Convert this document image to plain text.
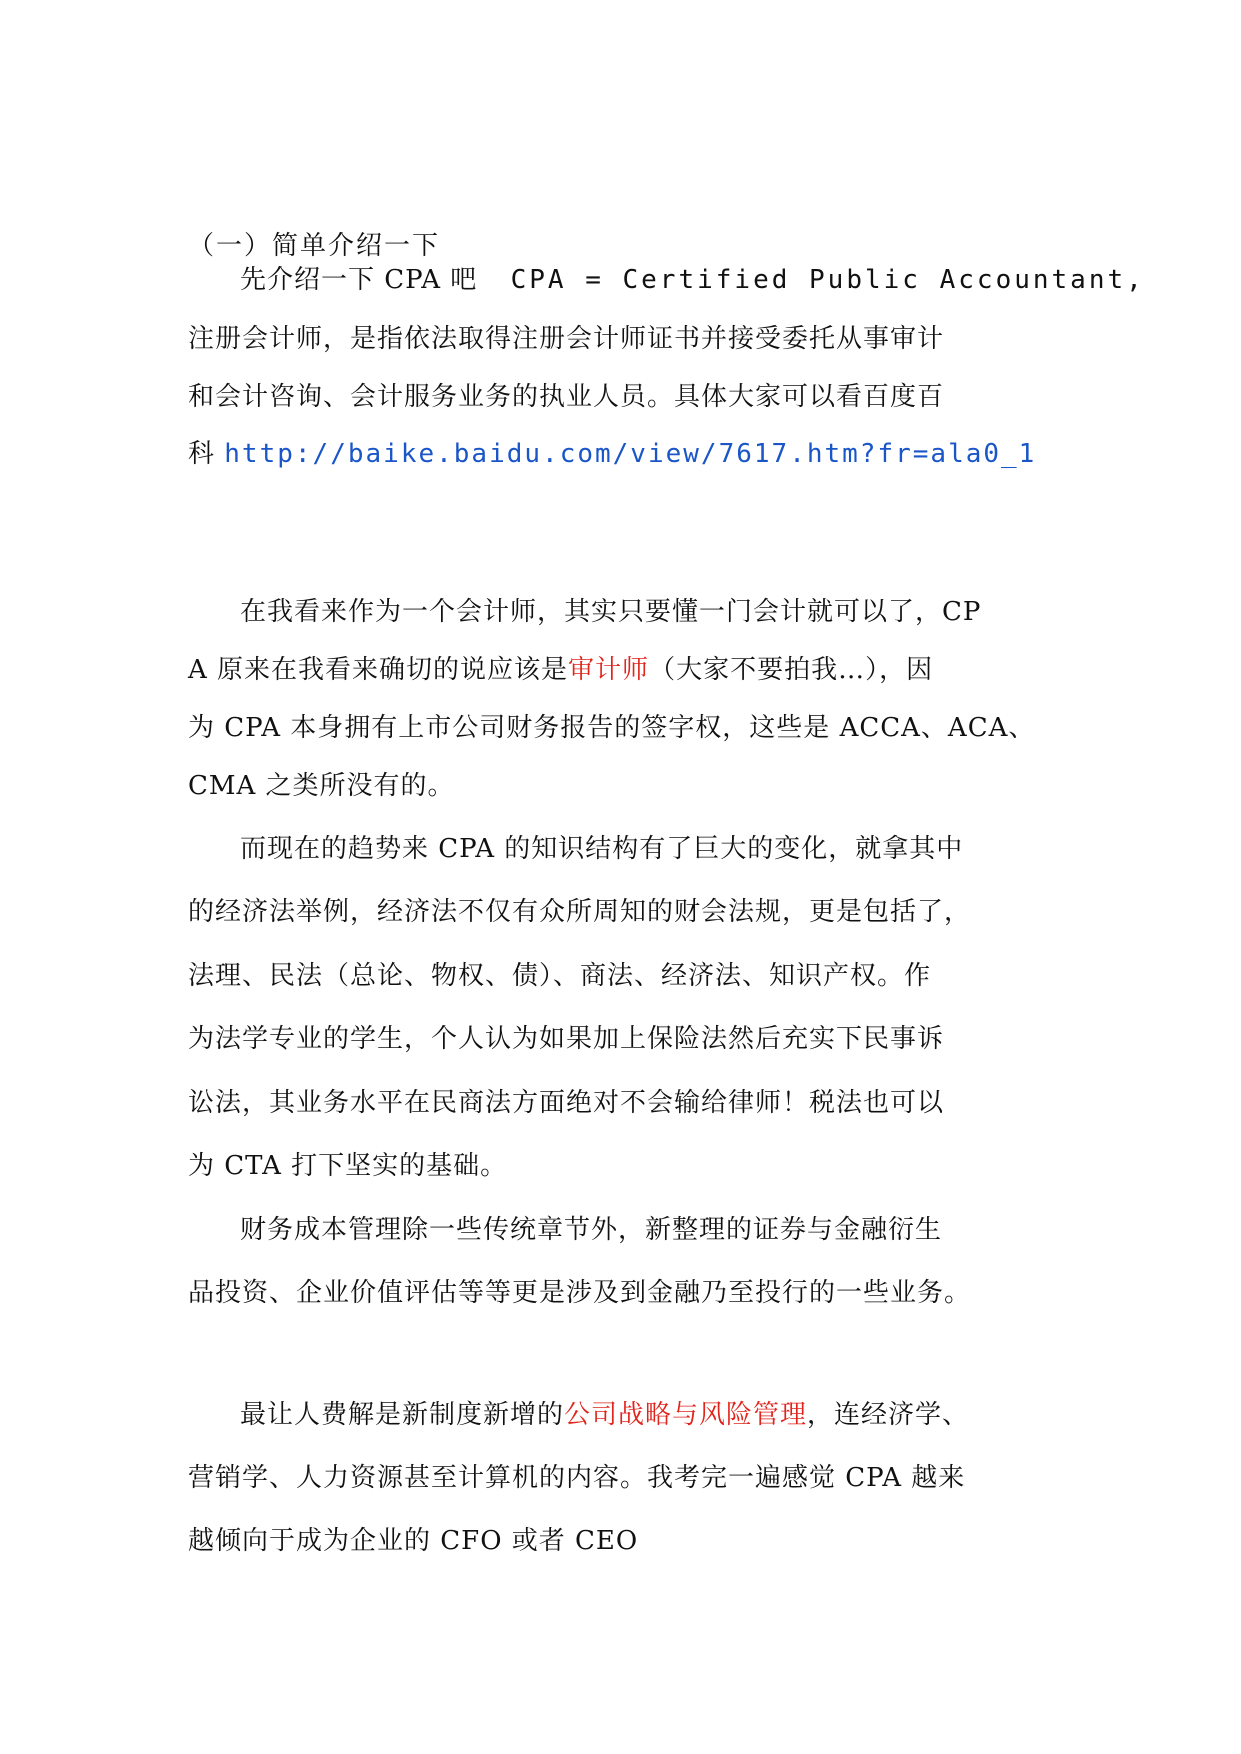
（一）简单介绍一下
先介绍一下 CPA 吧 CPA = Certified Public Accountant,
注册会计师，是指依法取得注册会计师证书并接受委托从事审计
和会计咨询、会计服务业务的执业人员。具体大家可以看百度百
科 http://baike.baidu.com/view/7617.htm?fr=ala0_1
在我看来作为一个会计师，其实只要懂一门会计就可以了，CP
A 原来在我看来确切的说应该是审计师（大家不要拍我…），因
为 CPA 本身拥有上市公司财务报告的签字权，这些是 ACCA、ACA、
CMA 之类所没有的。
而现在的趋势来 CPA 的知识结构有了巨大的变化，就拿其中
的经济法举例，经济法不仅有众所周知的财会法规，更是包括了，
法理、民法（总论、物权、债）、商法、经济法、知识产权。作
为法学专业的学生，个人认为如果加上保险法然后充实下民事诉
讼法，其业务水平在民商法方面绝对不会输给律师！税法也可以
为 CTA 打下坚实的基础。
财务成本管理除一些传统章节外，新整理的证券与金融衍生
品投资、企业价值评估等等更是涉及到金融乃至投行的一些业务。
最让人费解是新制度新增的公司战略与风险管理，连经济学、
营销学、人力资源甚至计算机的内容。我考完一遍感觉 CPA 越来
越倾向于成为企业的 CFO 或者 CEO
